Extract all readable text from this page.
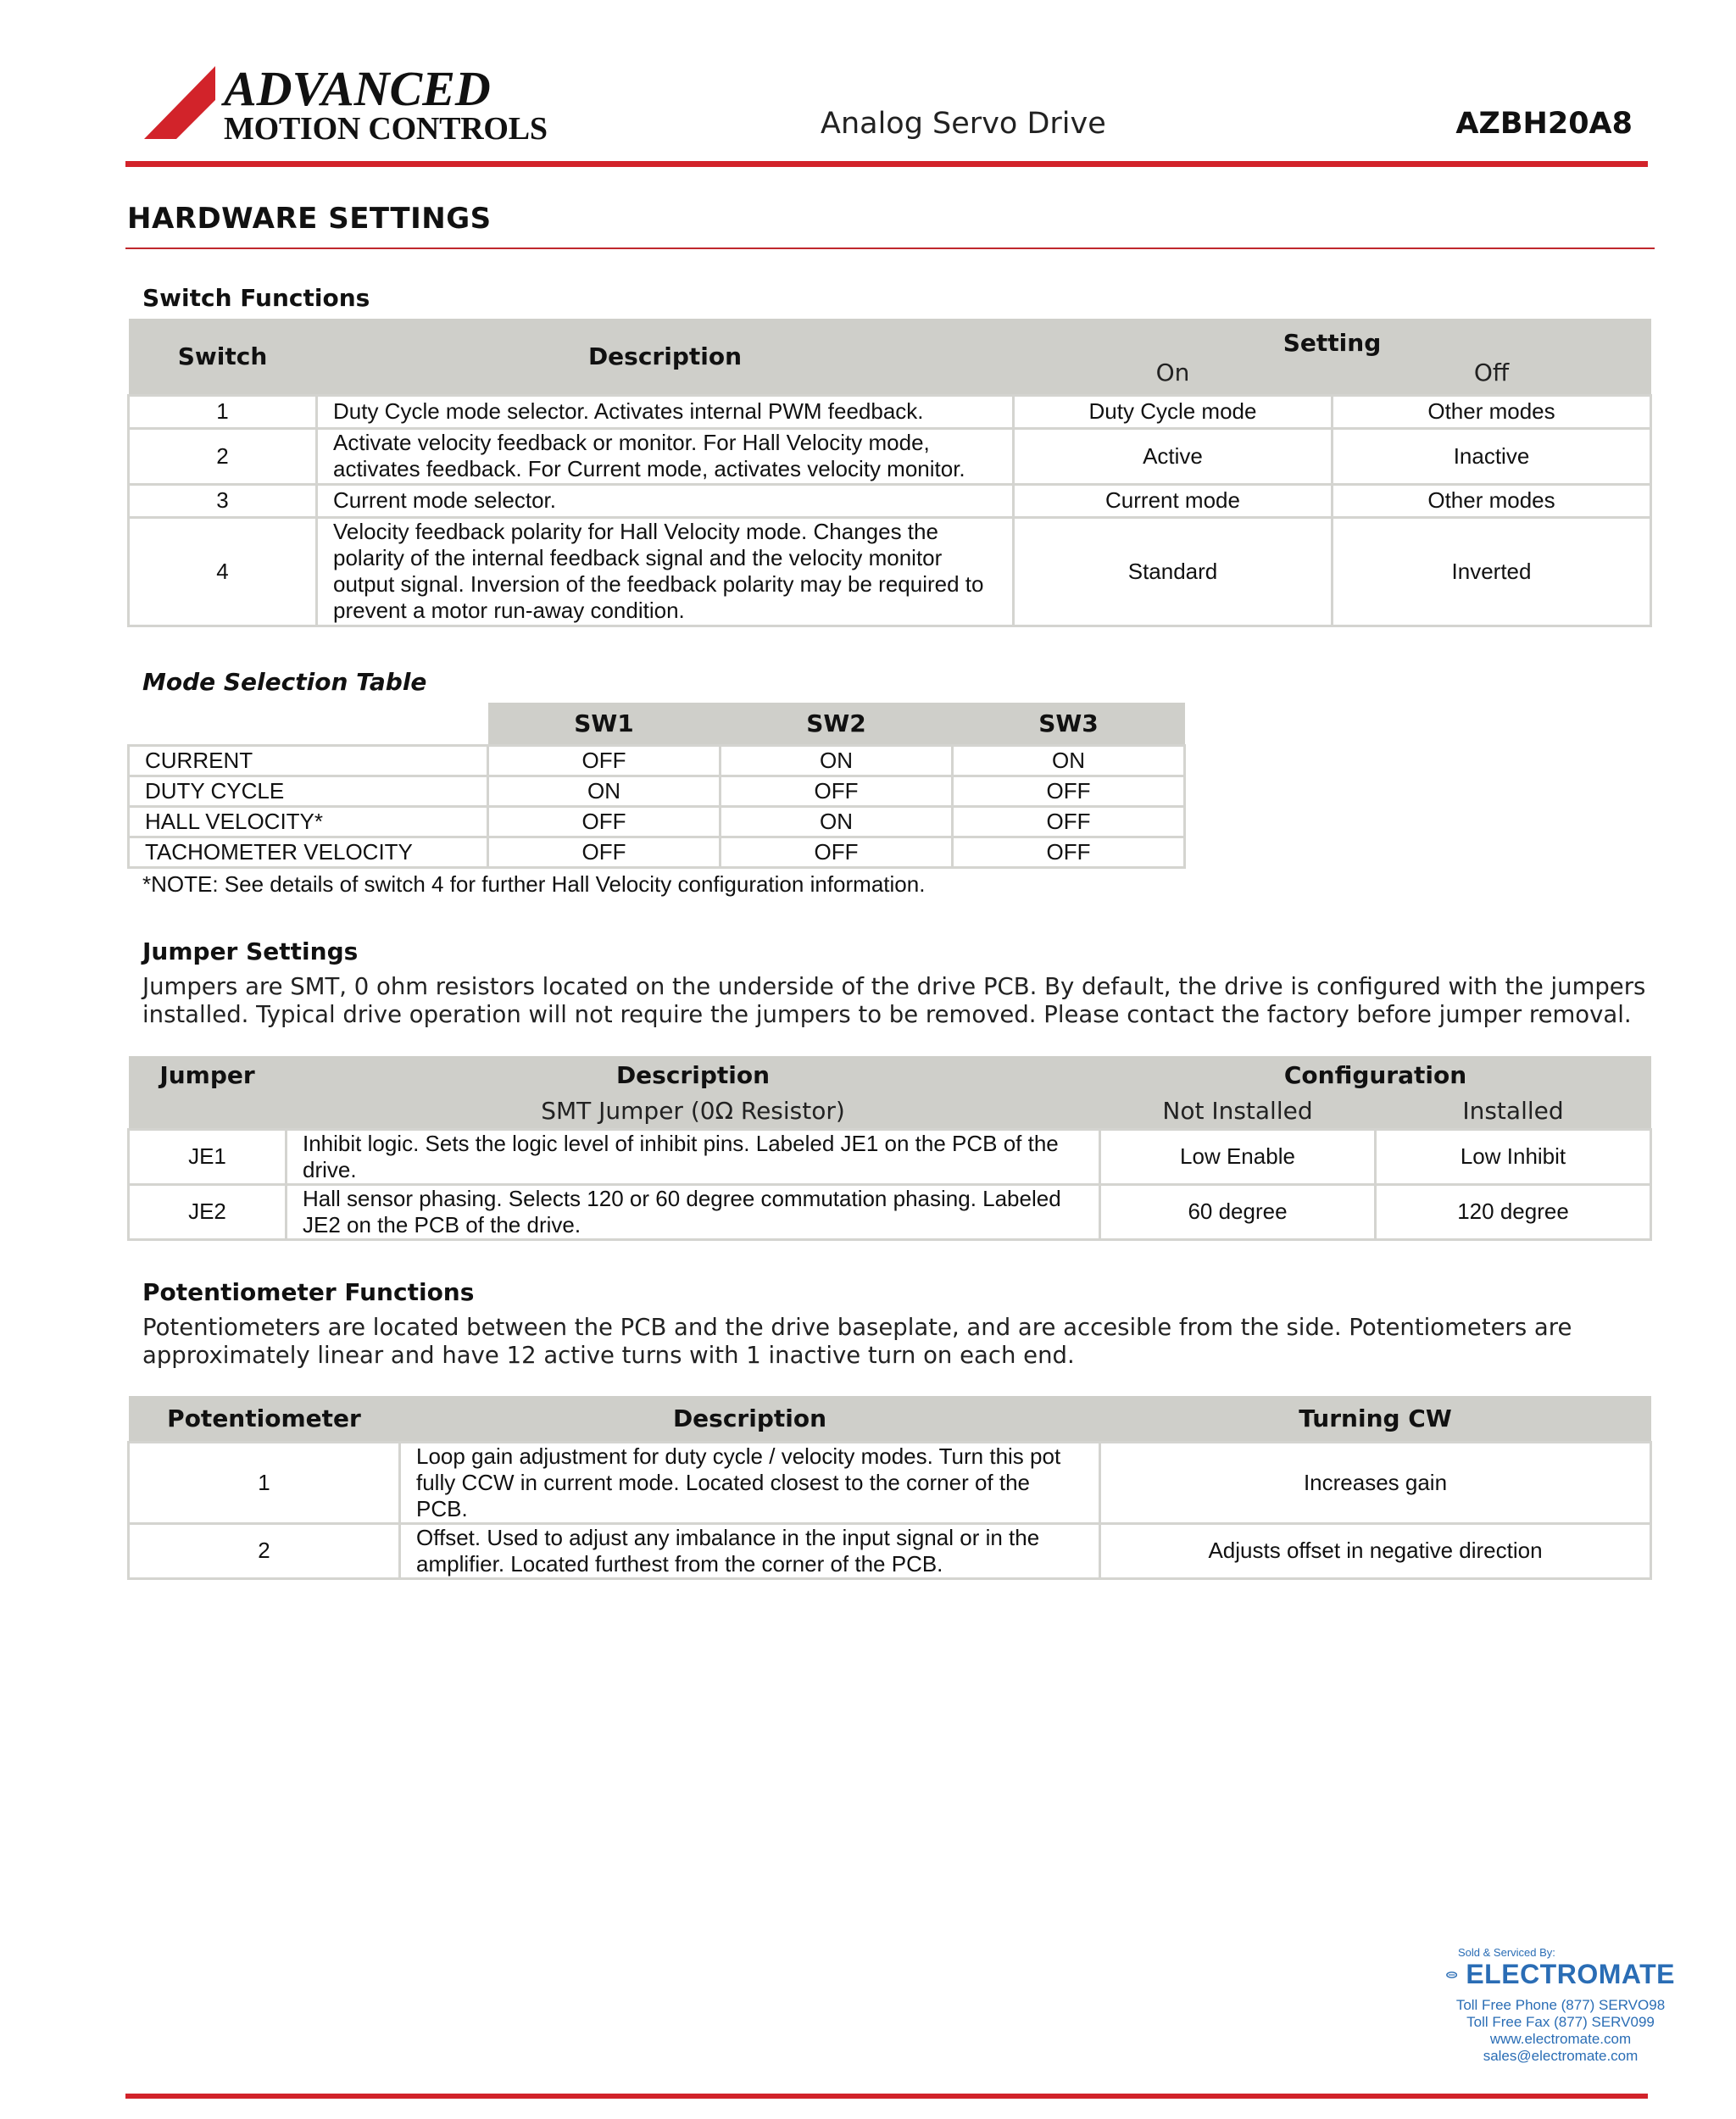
ADVANCED
MOTION CONTROLS	Analog Servo Drive	AZBH20A8
HARDWARE SETTINGS
Switch Functions
Switch	Description	Setting
On Off	

1	Duty Cycle mode selector. Activates internal PWM feedback.	Duty Cycle mode	Other modes
2	Activate velocity feedback or monitor. For Hall Velocity mode, activates feedback. For Current mode, activates velocity monitor.	Active	Inactive
3	Current mode selector.	Current mode	Other modes
4	Velocity feedback polarity for Hall Velocity mode. Changes the polarity of the internal feedback signal and the velocity monitor output signal. Inversion of the feedback polarity may be required to prevent a motor run-away condition.	Standard	Inverted
Mode Selection Table
	SW1	SW2	SW3
CURRENT	OFF	ON	ON
DUTY CYCLE	ON	OFF	OFF
HALL VELOCITY*	OFF	ON	OFF
TACHOMETER VELOCITY	OFF	OFF	OFF
*NOTE: See details of switch 4 for further Hall Velocity configuration information.
Jumper Settings
Jumpers are SMT, 0 ohm resistors located on the underside of the drive PCB. By default, the drive is configured with the jumpers installed. Typical drive operation will not require the jumpers to be removed. Please contact the factory before jumper removal.
Jumper	Description	Configuration	
	SMT Jumper (0Ω Resistor)	Not Installed	Installed
JE1	Inhibit logic. Sets the logic level of inhibit pins. Labeled JE1 on the PCB of the drive.	Low Enable	Low Inhibit
JE2	Hall sensor phasing. Selects 120 or 60 degree commutation phasing. Labeled JE2 on the PCB of the drive.	60 degree	120 degree
Potentiometer Functions
Potentiometers are located between the PCB and the drive baseplate, and are accesible from the side. Potentiometers are approximately linear and have 12 active turns with 1 inactive turn on each end.
Potentiometer	Description	Turning CW
1	Loop gain adjustment for duty cycle / velocity modes. Turn this pot fully CCW in current mode. Located closest to the corner of the PCB.	Increases gain
2	Offset. Used to adjust any imbalance in the input signal or in the amplifier. Located furthest from the corner of the PCB.	Adjusts offset in negative direction
Sold & Serviced By:
ELECTROMATE
Toll Free Phone (877) SERVO98
Toll Free Fax (877) SERV099
www.electromate.com
sales@electromate.com
